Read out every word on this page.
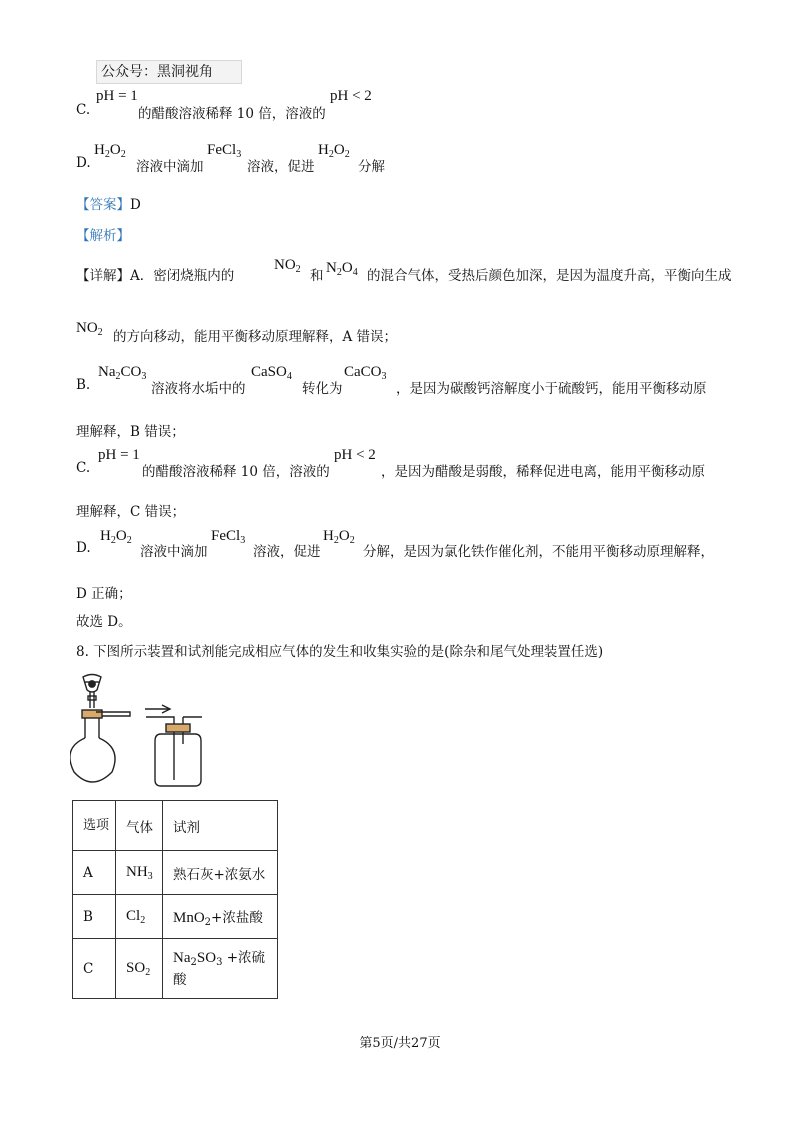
公众号：黑洞视角
C.
pH = 1
的醋酸溶液稀释 10 倍，溶液的
pH < 2
D.
$H_2O_2$
溶液中滴加
FeCl$_3$
溶液，促进
$H_2O_2$
分解
【答案】D
【解析】
【详解】A．密闭烧瓶内的
$NO_2$ 和 $N_2O_4$ 的混合气体，受热后颜色加深，是因为温度升高，平衡向生成
$NO_2$ 的方向移动，能用平衡移动原理解释，A 错误；
B.
$Na_2CO_3$
溶液将水垢中的
CaSO$_4$
转化为
CaCO$_3$
，是因为碳酸钙溶解度小于硫酸钙，能用平衡移动原
理解释，B 错误；
C.
pH = 1
的醋酸溶液稀释 10 倍，溶液的
pH < 2
，是因为醋酸是弱酸，稀释促进电离，能用平衡移动原
理解释，C 错误；
D.
$H_2O_2$
溶液中滴加
FeCl$_3$
溶液，促进
$H_2O_2$
分解，是因为氯化铁作催化剂，不能用平衡移动原理解释，
D 正确；
故选 D。
8. 下图所示装置和试剂能完成相应气体的发生和收集实验的是(除杂和尾气处理装置任选)
选项	气体	试剂
A	$NH_3$	熟石灰+浓氨水
B	$Cl_2$	MnO$_2$+浓盐酸
C	$SO_2$	$Na_2SO_3$ +浓硫
酸
第5页/共27页
